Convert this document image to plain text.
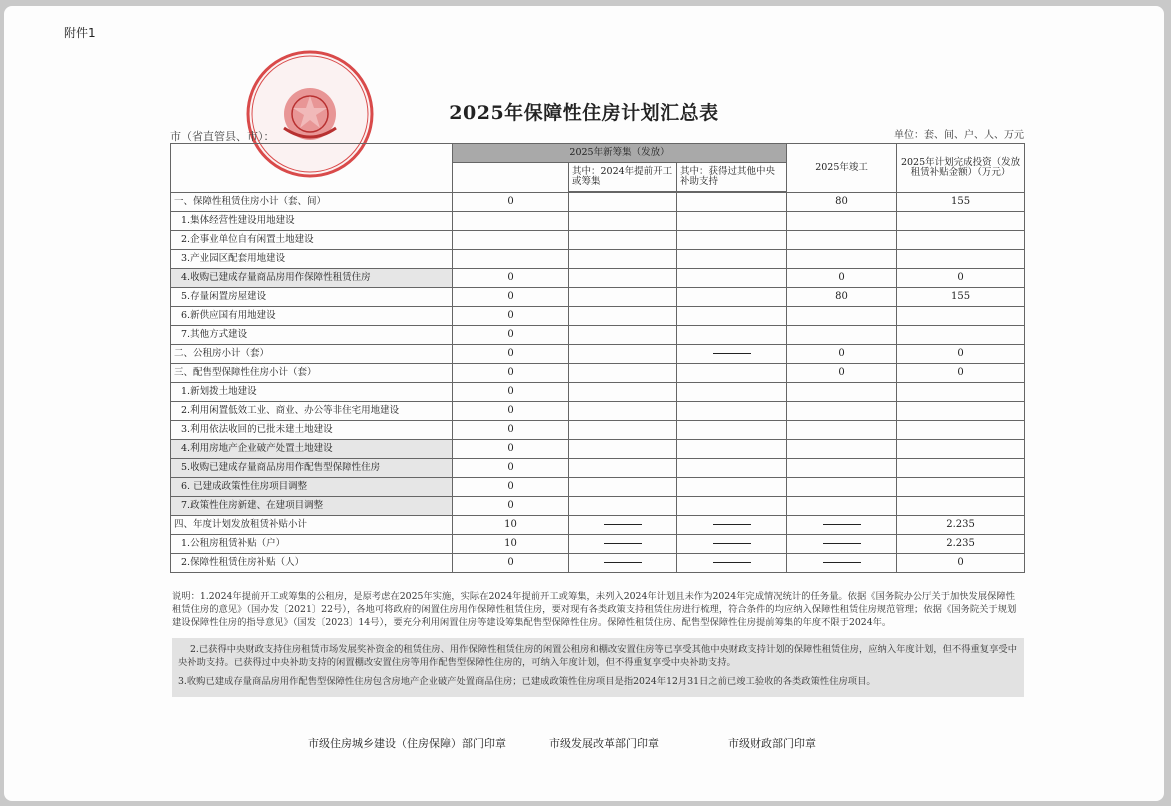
附件1
2025年保障性住房计划汇总表
市（省直管县、市）：	单位：套、间、户、人、万元
	2025年新筹集（发放）			2025年竣工	2025年计划完成投资（发放租赁补贴金额）（万元）
		其中：2024年提前开工或筹集	其中：获得过其他中央补助支持		

一、保障性租赁住房小计（套、间）	0			80	155
1.集体经营性建设用地建设					
2.企事业单位自有闲置土地建设					
3.产业园区配套用地建设					
4.收购已建成存量商品房用作保障性租赁住房	0			0	0
5.存量闲置房屋建设	0			80	155
6.新供应国有用地建设	0				
7.其他方式建设	0				
二、公租房小计（套）	0			0	0
三、配售型保障性住房小计（套）	0			0	0
1.新划拨土地建设	0				
2.利用闲置低效工业、商业、办公等非住宅用地建设	0				
3.利用依法收回的已批未建土地建设	0				
4.利用房地产企业破产处置土地建设	0				
5.收购已建成存量商品房用作配售型保障性住房	0				
6. 已建成政策性住房项目调整	0				
7.政策性住房新建、在建项目调整	0				
四、年度计划发放租赁补贴小计	10				2.235
1.公租房租赁补贴（户）	10				2.235
2.保障性租赁住房补贴（人）	0				0

说明：1.2024年提前开工或筹集的公租房，是原考虑在2025年实施，实际在2024年提前开工或筹集，未列入2024年计划且未作为2024年完成情况统计的任务量。依据《国务院办公厅关于加快发展保障性租赁住房的意见》（国办发〔2021〕22号），各地可将政府的闲置住房用作保障性租赁住房，要对现有各类政策支持租赁住房进行梳理，符合条件的均应纳入保障性租赁住房规范管理；依据《国务院关于规划建设保障性住房的指导意见》（国发〔2023〕14号），要充分利用闲置住房等建设筹集配售型保障性住房。保障性租赁住房、配售型保障性住房提前筹集的年度不限于2024年。

2.已获得中央财政支持住房租赁市场发展奖补资金的租赁住房、用作保障性租赁住房的闲置公租房和棚改安置住房等已享受其他中央财政支持计划的保障性租赁住房，应纳入年度计划，但不得重复享受中央补助支持。已获得过中央补助支持的闲置棚改安置住房等用作配售型保障性住房的，可纳入年度计划，但不得重复享受中央补助支持。

3.收购已建成存量商品房用作配售型保障性住房包含房地产企业破产处置商品住房；已建成政策性住房项目是指2024年12月31日之前已竣工验收的各类政策性住房项目。

市级住房城乡建设（住房保障）部门印章	市级发展改革部门印章	市级财政部门印章
